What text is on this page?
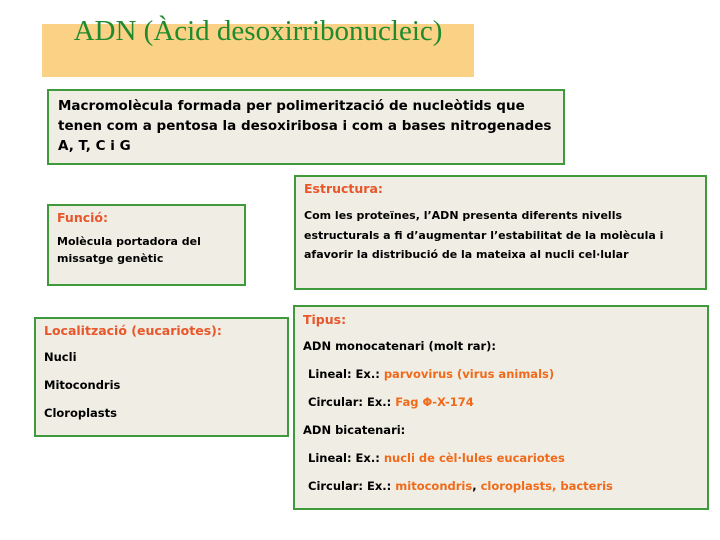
ADN (Àcid desoxirribonucleic)

Macromolècula formada per polimerització de nucleòtids que tenen com a pentosa la desoxiribosa i com a bases nitrogenades A, T, C i G

Funció:

Molècula portadora del missatge genètic

Estructura:

Com les proteïnes, l’ADN presenta diferents nivells estructurals a fi d’augmentar l’estabilitat de la molècula i afavorir la distribució de la mateixa al nucli cel·lular

Localització (eucariotes):

Nucli

Mitocondris

Cloroplasts

Tipus:

ADN monocatenari (molt rar):

Lineal: Ex.: parvovirus (virus animals)

Circular: Ex.: Fag Φ-X-174

ADN bicatenari:

Lineal: Ex.: nucli de cèl·lules eucariotes

Circular: Ex.: mitocondris, cloroplasts, bacteris
